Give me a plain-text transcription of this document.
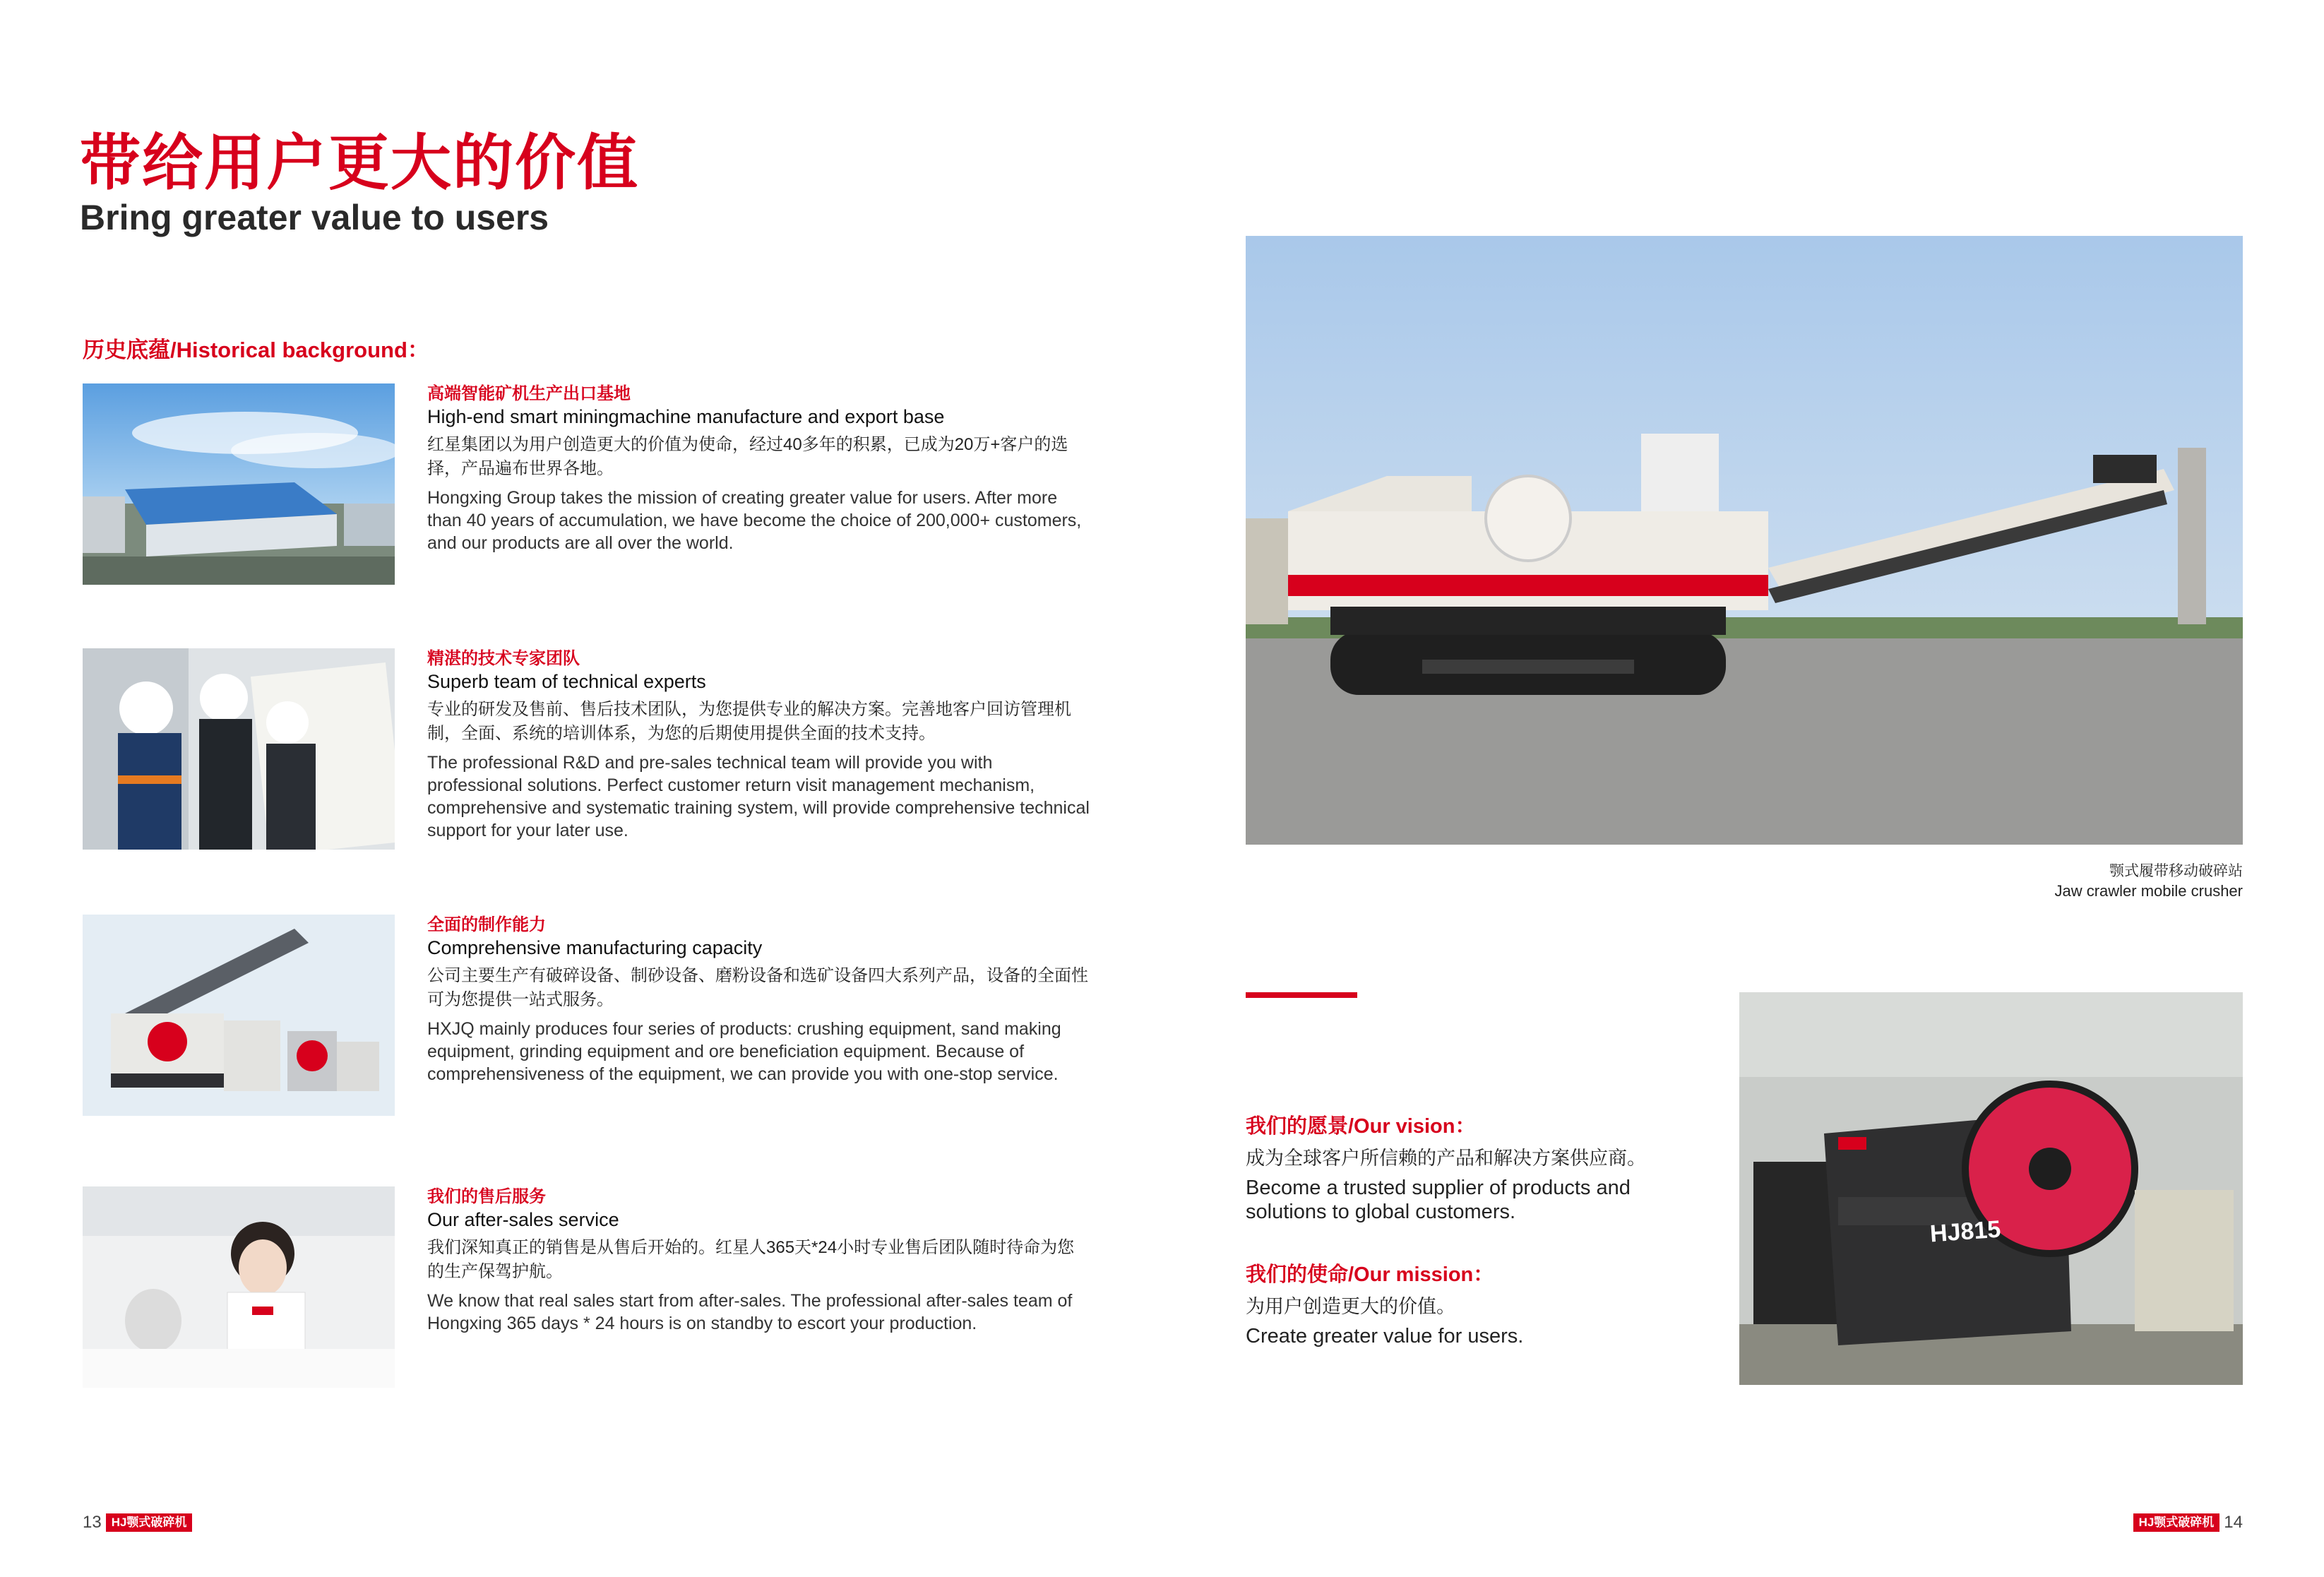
带给用户更大的价值
Bring greater value to users
历史底蕴/Historical background：
高端智能矿机生产出口基地
High-end smart miningmachine manufacture and export base
红星集团以为用户创造更大的价值为使命，经过40多年的积累，已成为20万+客户的选择，产品遍布世界各地。
Hongxing Group takes the mission of creating greater value for users. After more than 40 years of accumulation, we have become the choice of 200,000+ customers, and our products are all over the world.
精湛的技术专家团队
Superb team of technical experts
专业的研发及售前、售后技术团队，为您提供专业的解决方案。完善地客户回访管理机制，全面、系统的培训体系，为您的后期使用提供全面的技术支持。
The professional R&D and pre-sales technical team will provide you with professional solutions. Perfect customer return visit management mechanism, comprehensive and systematic training system, will provide comprehensive technical support for your later use.
全面的制作能力
Comprehensive manufacturing capacity
公司主要生产有破碎设备、制砂设备、磨粉设备和选矿设备四大系列产品，设备的全面性可为您提供一站式服务。
HXJQ mainly produces four series of products: crushing equipment, sand making equipment, grinding equipment and ore beneficiation equipment. Because of comprehensiveness of the equipment, we can provide you with one-stop service.
我们的售后服务
Our after-sales service
我们深知真正的销售是从售后开始的。红星人365天*24小时专业售后团队随时待命为您的生产保驾护航。
We know that real sales start from after-sales. The professional after-sales team of Hongxing 365 days * 24 hours is on standby to escort your production.
颚式履带移动破碎站
Jaw crawler mobile crusher
我们的愿景/Our vision：
成为全球客户所信赖的产品和解决方案供应商。
Become a trusted supplier of products and solutions to global customers.
我们的使命/Our mission：
为用户创造更大的价值。
Create greater value for users.
HJ815
13 HJ颚式破碎机	HJ颚式破碎机 14
